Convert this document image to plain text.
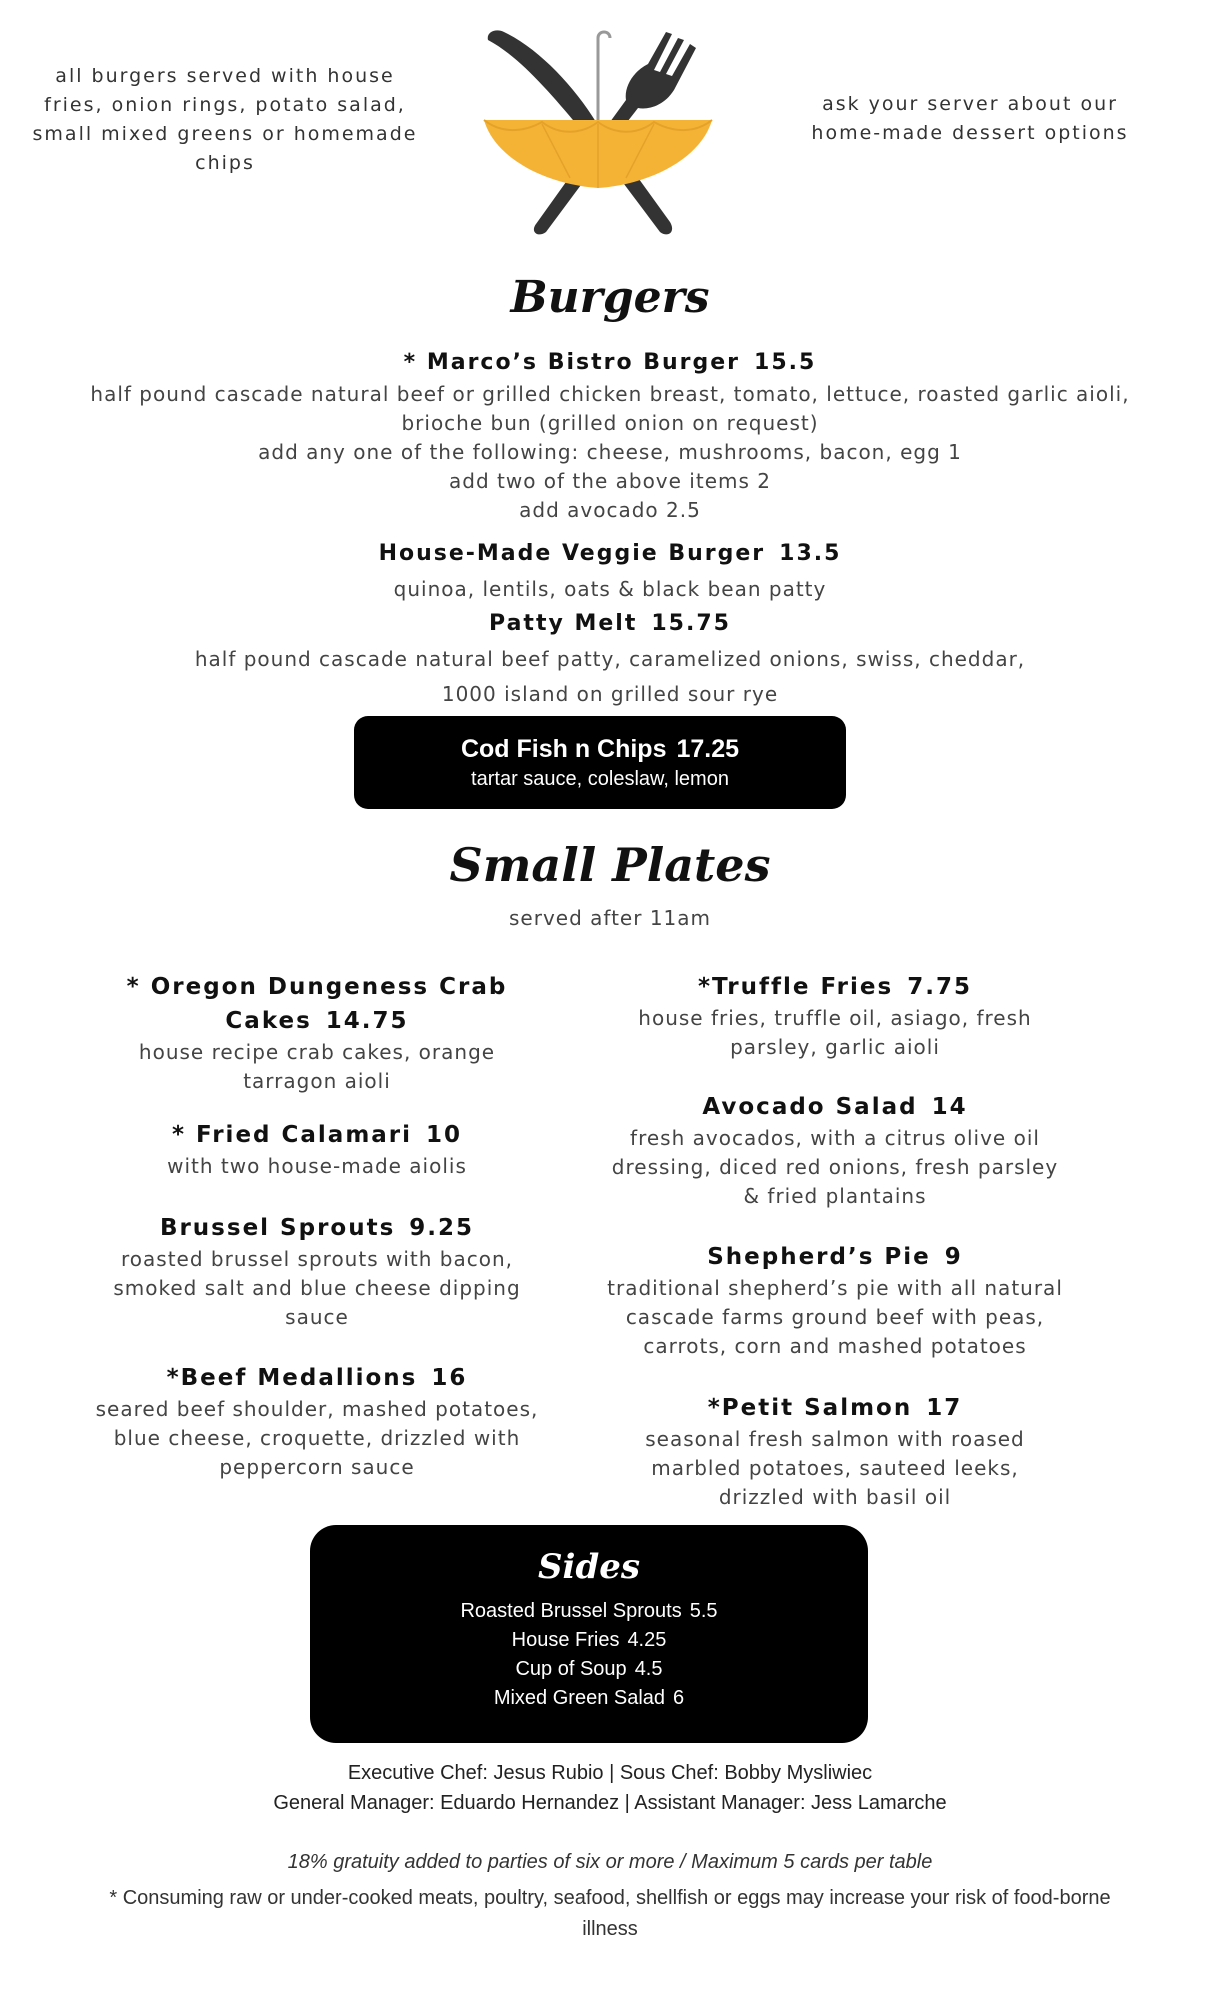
all burgers served with house fries, onion rings, potato salad, small mixed greens or homemade chips
ask your server about our home-made dessert options
Burgers
* Marco’s Bistro Burger 15.5
half pound cascade natural beef or grilled chicken breast, tomato, lettuce, roasted garlic aioli,
brioche bun (grilled onion on request)
add any one of the following: cheese, mushrooms, bacon, egg 1
add two of the above items 2
add avocado 2.5
House-Made Veggie Burger 13.5
quinoa, lentils, oats & black bean patty
Patty Melt 15.75
half pound cascade natural beef patty, caramelized onions, swiss, cheddar,
1000 island on grilled sour rye
Cod Fish n Chips 17.25
tartar sauce, coleslaw, lemon
Small Plates
served after 11am
* Oregon Dungeness Crab Cakes 14.75
house recipe crab cakes, orange tarragon aioli
* Fried Calamari 10
with two house-made aiolis
Brussel Sprouts 9.25
roasted brussel sprouts with bacon, smoked salt and blue cheese dipping sauce
*Beef Medallions 16
seared beef shoulder, mashed potatoes, blue cheese, croquette, drizzled with peppercorn sauce
*Truffle Fries 7.75
house fries, truffle oil, asiago, fresh parsley, garlic aioli
Avocado Salad 14
fresh avocados, with a citrus olive oil dressing, diced red onions, fresh parsley & fried plantains
Shepherd’s Pie 9
traditional shepherd’s pie with all natural cascade farms ground beef with peas, carrots, corn and mashed potatoes
*Petit Salmon 17
seasonal fresh salmon with roased marbled potatoes, sauteed leeks, drizzled with basil oil
Sides
Roasted Brussel Sprouts 5.5
House Fries 4.25
Cup of Soup 4.5
Mixed Green Salad 6
Executive Chef: Jesus Rubio | Sous Chef: Bobby Mysliwiec
General Manager: Eduardo Hernandez | Assistant Manager: Jess Lamarche
18% gratuity added to parties of six or more / Maximum 5 cards per table
* Consuming raw or under-cooked meats, poultry, seafood, shellfish or eggs may increase your risk of food-borne illness
